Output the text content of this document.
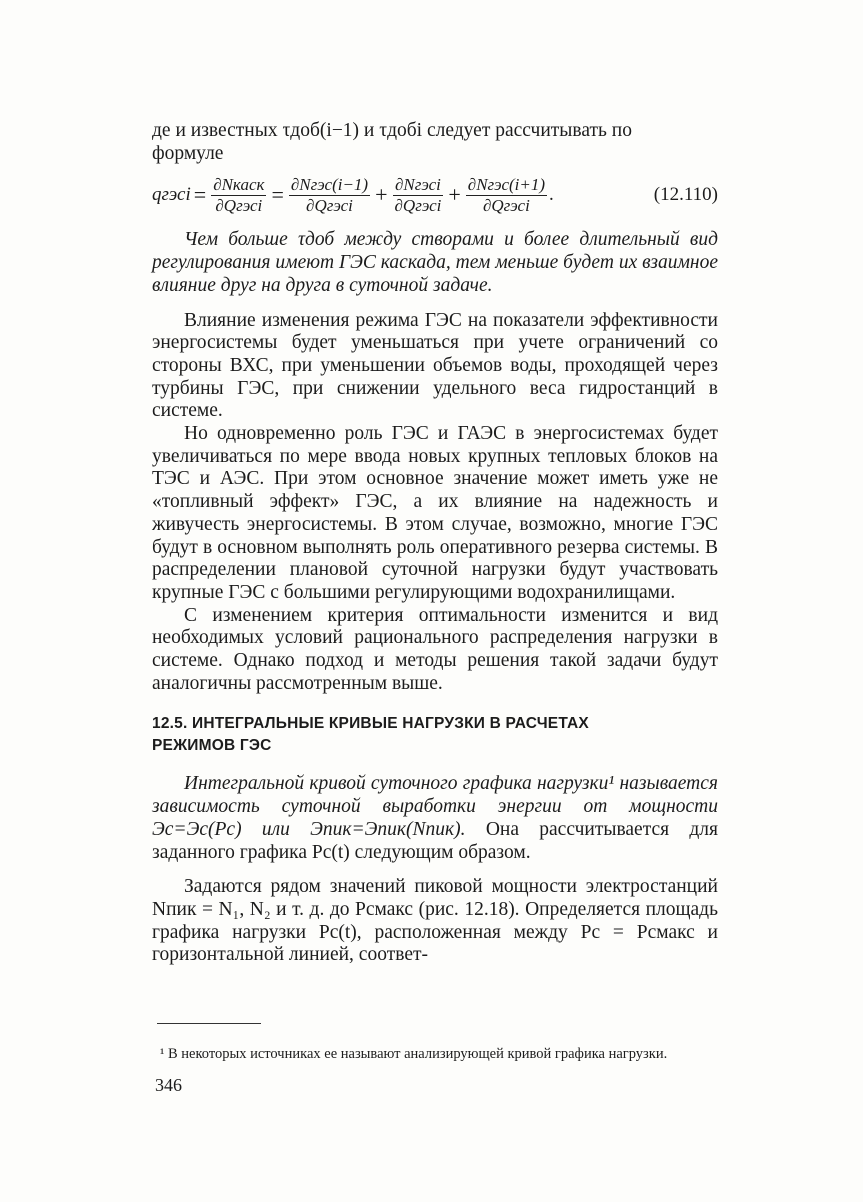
де и известных τдоб(i−1) и τдобi следует рассчитывать по

формуле

qгэсi = $\frac{\text{∂Nкаск}}{\text{∂Qгэсi}} = \frac{\text{∂Nгэс(i−1)}}{\text{∂Qгэсi}} + \frac{\text{∂Nгэсi}}{\text{∂Qгэсi}} + \frac{\text{∂Nгэс(i+1)}}{\text{∂Qгэсi}}$ .	(12.110)

Чем больше τдоб между створами и более длительный вид регулирования имеют ГЭС каскада, тем меньше будет их взаимное влияние друг на друга в суточной задаче.

Влияние изменения режима ГЭС на показатели эффективности энергосистемы будет уменьшаться при учете ограничений со стороны ВХС, при уменьшении объемов воды, проходящей через турбины ГЭС, при снижении удельного веса гидростанций в системе.

Но одновременно роль ГЭС и ГАЭС в энергосистемах будет увеличиваться по мере ввода новых крупных тепловых блоков на ТЭС и АЭС. При этом основное значение может иметь уже не «топливный эффект» ГЭС, а их влияние на надежность и живучесть энергосистемы. В этом случае, возможно, многие ГЭС будут в основном выполнять роль оперативного резерва системы. В распределении плановой суточной нагрузки будут участвовать крупные ГЭС с большими регулирующими водохранилищами.

С изменением критерия оптимальности изменится и вид необходимых условий рационального распределения нагрузки в системе. Однако подход и методы решения такой задачи будут аналогичны рассмотренным выше.

12.5. ИНТЕГРАЛЬНЫЕ КРИВЫЕ НАГРУЗКИ В РАСЧЕТАХ
РЕЖИМОВ ГЭС

Интегральной кривой суточного графика нагрузки¹ называется зависимость суточной выработки энергии от мощности Эс=Эс(Рс) или Эпик=Эпик(Nпик). Она рассчитывается для заданного графика Pс(t) следующим образом.

Задаются рядом значений пиковой мощности электростанций Nпик = N₁, N₂ и т. д. до Pсмакс (рис. 12.18). Определяется площадь графика нагрузки Pс(t), расположенная между Pс = Pсмакс и горизонтальной линией, соответ-

¹ В некоторых источниках ее называют анализирующей кривой графика нагрузки.

346
